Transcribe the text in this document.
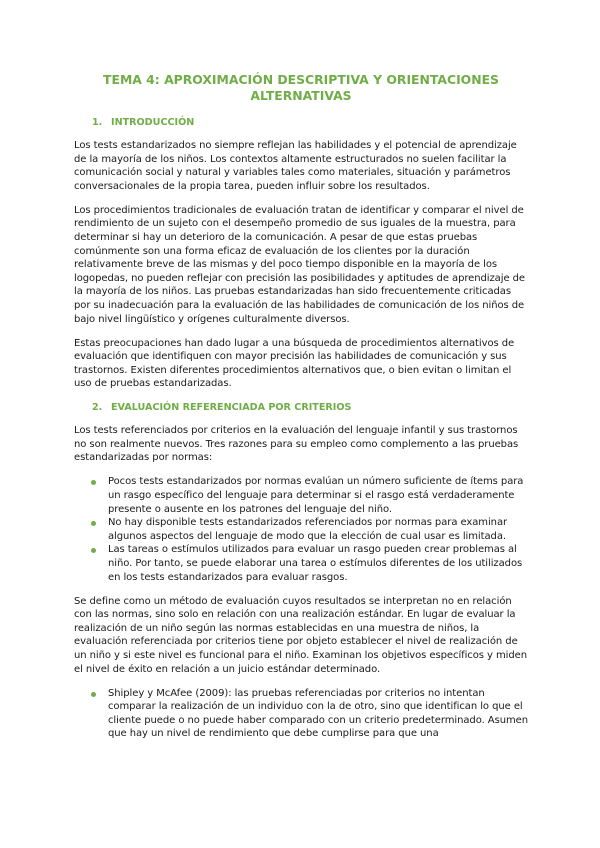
TEMA 4: APROXIMACIÓN DESCRIPTIVA Y ORIENTACIONES ALTERNATIVAS
1. INTRODUCCIÓN

Los tests estandarizados no siempre reflejan las habilidades y el potencial de aprendizaje de la mayoría de los niños. Los contextos altamente estructurados no suelen facilitar la comunicación social y natural y variables tales como materiales, situación y parámetros conversacionales de la propia tarea, pueden influir sobre los resultados.

Los procedimientos tradicionales de evaluación tratan de identificar y comparar el nivel de rendimiento de un sujeto con el desempeño promedio de sus iguales de la muestra, para determinar si hay un deterioro de la comunicación. A pesar de que estas pruebas comúnmente son una forma eficaz de evaluación de los clientes por la duración relativamente breve de las mismas y del poco tiempo disponible en la mayoría de los logopedas, no pueden reflejar con precisión las posibilidades y aptitudes de aprendizaje de la mayoría de los niños. Las pruebas estandarizadas han sido frecuentemente criticadas por su inadecuación para la evaluación de las habilidades de comunicación de los niños de bajo nivel lingüístico y orígenes culturalmente diversos.

Estas preocupaciones han dado lugar a una búsqueda de procedimientos alternativos de evaluación que identifiquen con mayor precisión las habilidades de comunicación y sus trastornos. Existen diferentes procedimientos alternativos que, o bien evitan o limitan el uso de pruebas estandarizadas.

2. EVALUACIÓN REFERENCIADA POR CRITERIOS

Los tests referenciados por criterios en la evaluación del lenguaje infantil y sus trastornos no son realmente nuevos. Tres razones para su empleo como complemento a las pruebas estandarizadas por normas:

Pocos tests estandarizados por normas evalúan un número suficiente de ítems para un rasgo específico del lenguaje para determinar si el rasgo está verdaderamente presente o ausente en los patrones del lenguaje del niño.
No hay disponible tests estandarizados referenciados por normas para examinar algunos aspectos del lenguaje de modo que la elección de cual usar es limitada.
Las tareas o estímulos utilizados para evaluar un rasgo pueden crear problemas al niño. Por tanto, se puede elaborar una tarea o estímulos diferentes de los utilizados en los tests estandarizados para evaluar rasgos.

Se define como un método de evaluación cuyos resultados se interpretan no en relación con las normas, sino solo en relación con una realización estándar. En lugar de evaluar la realización de un niño según las normas establecidas en una muestra de niños, la evaluación referenciada por criterios tiene por objeto establecer el nivel de realización de un niño y si este nivel es funcional para el niño. Examinan los objetivos específicos y miden el nivel de éxito en relación a un juicio estándar determinado.

Shipley y McAfee (2009): las pruebas referenciadas por criterios no intentan comparar la realización de un individuo con la de otro, sino que identifican lo que el cliente puede o no puede haber comparado con un criterio predeterminado. Asumen que hay un nivel de rendimiento que debe cumplirse para que una
